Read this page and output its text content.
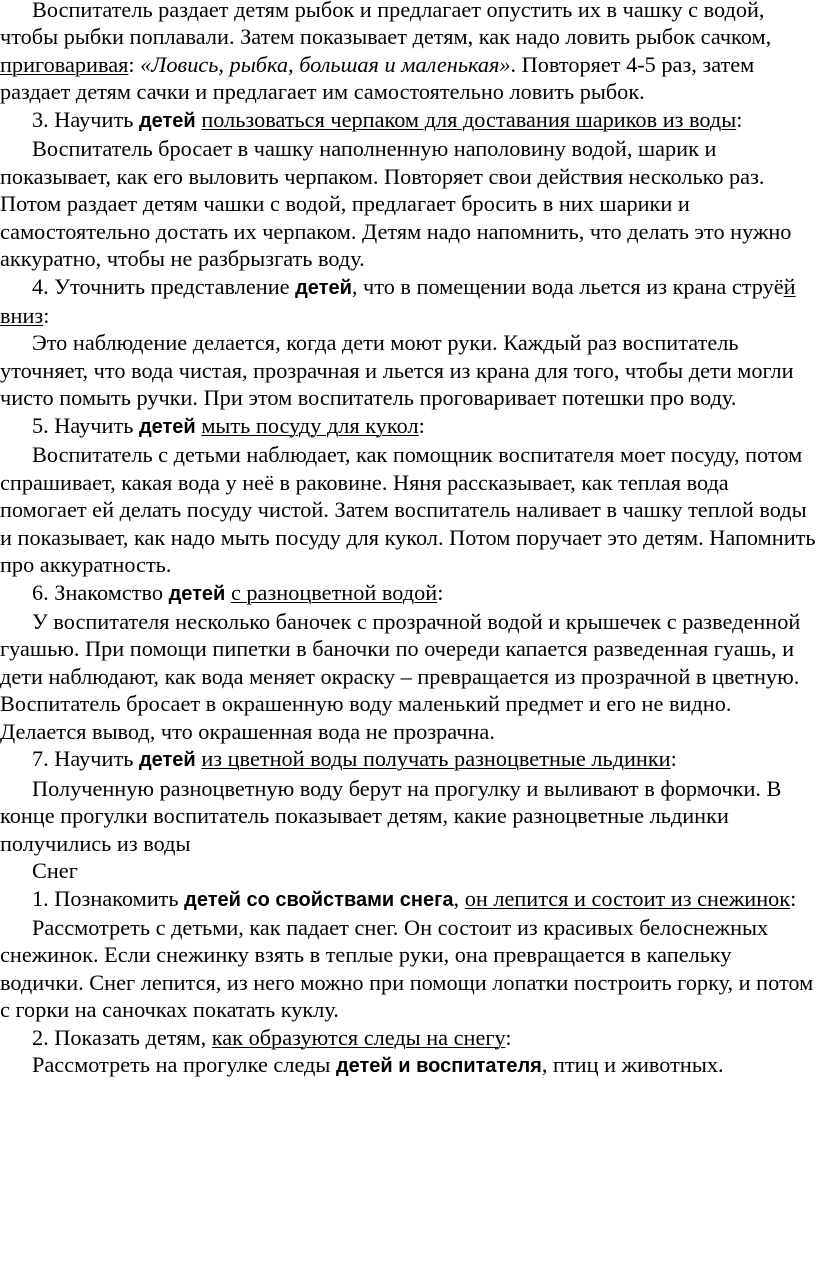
Воспитатель раздает детям рыбок и предлагает опустить их в чашку с водой, чтобы рыбки поплавали. Затем показывает детям, как надо ловить рыбок сачком, приговаривая: «Ловись, рыбка, большая и маленькая». Повторяет 4-5 раз, затем раздает детям сачки и предлагает им самостоятельно ловить рыбок.

3. Научить детей пользоваться черпаком для доставания шариков из воды:

Воспитатель бросает в чашку наполненную наполовину водой, шарик и показывает, как его выловить черпаком. Повторяет свои действия несколько раз. Потом раздает детям чашки с водой, предлагает бросить в них шарики и самостоятельно достать их черпаком. Детям надо напомнить, что делать это нужно аккуратно, чтобы не разбрызгать воду.

4. Уточнить представление детей, что в помещении вода льется из крана струёй вниз:

Это наблюдение делается, когда дети моют руки. Каждый раз воспитатель уточняет, что вода чистая, прозрачная и льется из крана для того, чтобы дети могли чисто помыть ручки. При этом воспитатель проговаривает потешки про воду.

5. Научить детей мыть посуду для кукол:

Воспитатель с детьми наблюдает, как помощник воспитателя моет посуду, потом спрашивает, какая вода у неё в раковине. Няня рассказывает, как теплая вода помогает ей делать посуду чистой. Затем воспитатель наливает в чашку теплой воды и показывает, как надо мыть посуду для кукол. Потом поручает это детям. Напомнить про аккуратность.

6. Знакомство детей с разноцветной водой:

У воспитателя несколько баночек с прозрачной водой и крышечек с разведенной гуашью. При помощи пипетки в баночки по очереди капается разведенная гуашь, и дети наблюдают, как вода меняет окраску – превращается из прозрачной в цветную. Воспитатель бросает в окрашенную воду маленький предмет и его не видно. Делается вывод, что окрашенная вода не прозрачна.

7. Научить детей из цветной воды получать разноцветные льдинки:

Полученную разноцветную воду берут на прогулку и выливают в формочки. В конце прогулки воспитатель показывает детям, какие разноцветные льдинки получились из воды

Снег

1. Познакомить детей со свойствами снега, он лепится и состоит из снежинок:

Рассмотреть с детьми, как падает снег. Он состоит из красивых белоснежных снежинок. Если снежинку взять в теплые руки, она превращается в капельку водички. Снег лепится, из него можно при помощи лопатки построить горку, и потом с горки на саночках покатать куклу.

2. Показать детям, как образуются следы на снегу:

Рассмотреть на прогулке следы детей и воспитателя, птиц и животных.
